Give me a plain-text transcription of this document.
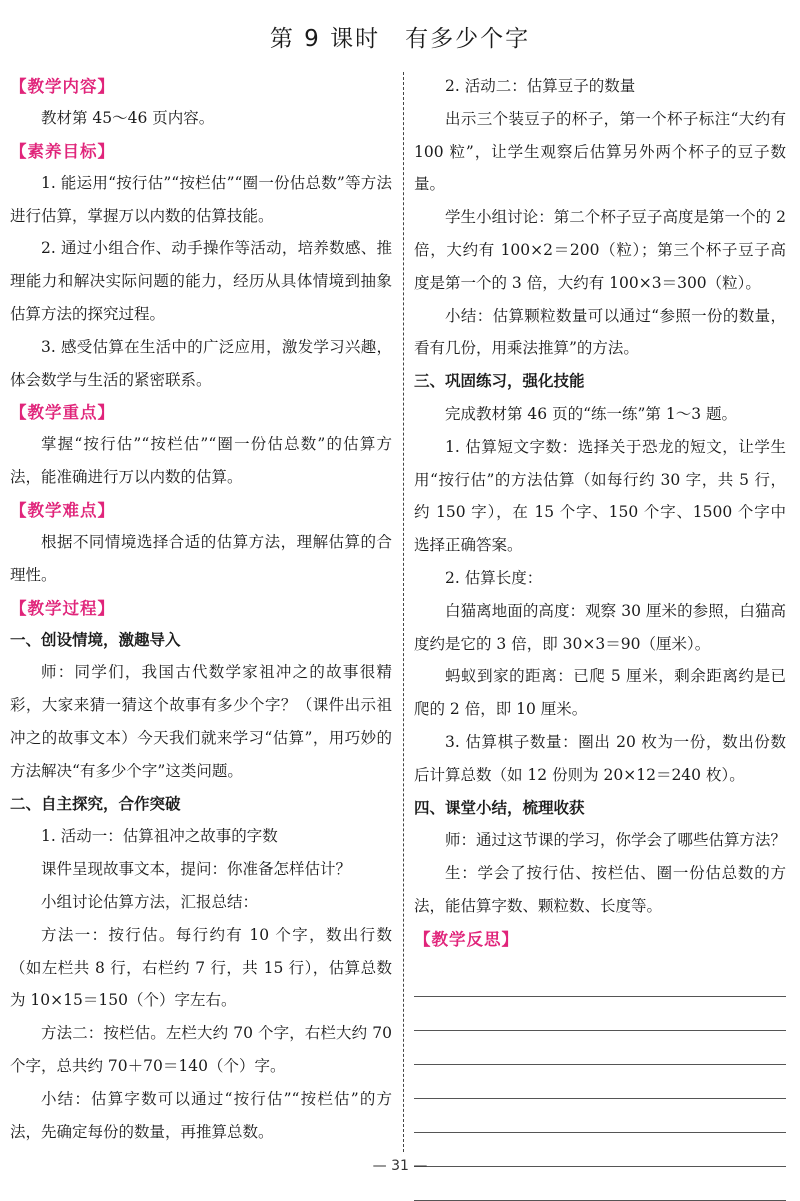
第 9 课时　有多少个字
【教学内容】

教材第 45～46 页内容。

【素养目标】

1. 能运用“按行估”“按栏估”“圈一份估总数”等方法进行估算，掌握万以内数的估算技能。

2. 通过小组合作、动手操作等活动，培养数感、推理能力和解决实际问题的能力，经历从具体情境到抽象估算方法的探究过程。

3. 感受估算在生活中的广泛应用，激发学习兴趣，体会数学与生活的紧密联系。

【教学重点】

掌握“按行估”“按栏估”“圈一份估总数”的估算方法，能准确进行万以内数的估算。

【教学难点】

根据不同情境选择合适的估算方法，理解估算的合理性。

【教学过程】
一、创设情境，激趣导入

师：同学们，我国古代数学家祖冲之的故事很精彩，大家来猜一猜这个故事有多少个字？（课件出示祖冲之的故事文本）今天我们就来学习“估算”，用巧妙的方法解决“有多少个字”这类问题。

二、自主探究，合作突破

1. 活动一：估算祖冲之故事的字数

课件呈现故事文本，提问：你准备怎样估计？

小组讨论估算方法，汇报总结：

方法一：按行估。每行约有 10 个字，数出行数（如左栏共 8 行，右栏约 7 行，共 15 行），估算总数为 10×15＝150（个）字左右。

方法二：按栏估。左栏大约 70 个字，右栏大约 70 个字，总共约 70＋70＝140（个）字。

小结：估算字数可以通过“按行估”“按栏估”的方法，先确定每份的数量，再推算总数。

2. 活动二：估算豆子的数量

出示三个装豆子的杯子，第一个杯子标注“大约有 100 粒”，让学生观察后估算另外两个杯子的豆子数量。

学生小组讨论：第二个杯子豆子高度是第一个的 2 倍，大约有 100×2＝200（粒）；第三个杯子豆子高度是第一个的 3 倍，大约有 100×3＝300（粒）。

小结：估算颗粒数量可以通过“参照一份的数量，看有几份，用乘法推算”的方法。

三、巩固练习，强化技能

完成教材第 46 页的“练一练”第 1～3 题。

1. 估算短文字数：选择关于恐龙的短文，让学生用“按行估”的方法估算（如每行约 30 字，共 5 行，约 150 字），在 15 个字、150 个字、1500 个字中选择正确答案。

2. 估算长度：

白猫离地面的高度：观察 30 厘米的参照，白猫高度约是它的 3 倍，即 30×3＝90（厘米）。

蚂蚁到家的距离：已爬 5 厘米，剩余距离约是已爬的 2 倍，即 10 厘米。

3. 估算棋子数量：圈出 20 枚为一份，数出份数后计算总数（如 12 份则为 20×12＝240 枚）。

四、课堂小结，梳理收获

师：通过这节课的学习，你学会了哪些估算方法？

生：学会了按行估、按栏估、圈一份估总数的方法，能估算字数、颗粒数、长度等。

【教学反思】
— 31 —
